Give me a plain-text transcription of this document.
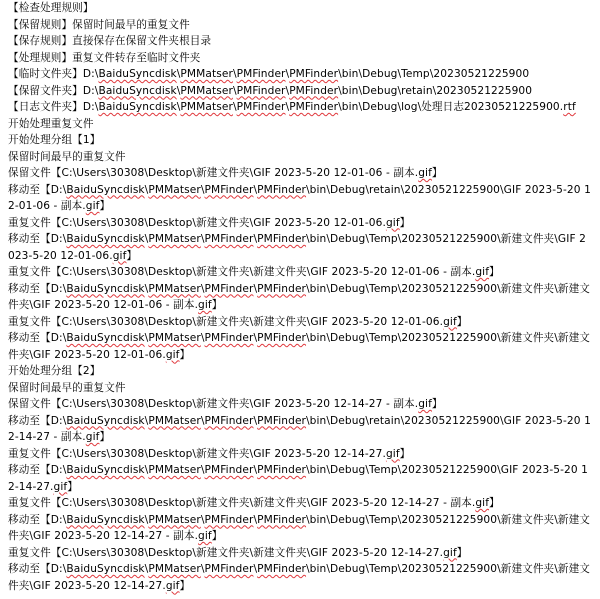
【检查处理规则】

【保留规则】保留时间最早的重复文件

【保存规则】直接保存在保留文件夹根目录

【处理规则】重复文件转存至临时文件夹

【临时文件夹】D:\BaiduSyncdisk\PMMatser\PMFinder\PMFinder\bin\Debug\Temp\20230521225900

【保留文件夹】D:\BaiduSyncdisk\PMMatser\PMFinder\PMFinder\bin\Debug\retain\20230521225900

【日志文件夹】D:\BaiduSyncdisk\PMMatser\PMFinder\PMFinder\bin\Debug\log\处理日志20230521225900.rtf

开始处理重复文件

开始处理分组【1】

保留时间最早的重复文件

保留文件【C:\Users\30308\Desktop\新建文件夹\GIF 2023-5-20 12-01-06 - 副本.gif】

移动至【D:\BaiduSyncdisk\PMMatser\PMFinder\PMFinder\bin\Debug\retain\20230521225900\GIF 2023-5-20 12-01-06 - 副本.gif】

重复文件【C:\Users\30308\Desktop\新建文件夹\GIF 2023-5-20 12-01-06.gif】

移动至【D:\BaiduSyncdisk\PMMatser\PMFinder\PMFinder\bin\Debug\Temp\20230521225900\新建文件夹\GIF 2023-5-20 12-01-06.gif】

重复文件【C:\Users\30308\Desktop\新建文件夹\新建文件夹\GIF 2023-5-20 12-01-06 - 副本.gif】

移动至【D:\BaiduSyncdisk\PMMatser\PMFinder\PMFinder\bin\Debug\Temp\20230521225900\新建文件夹\新建文件夹\GIF 2023-5-20 12-01-06 - 副本.gif】

重复文件【C:\Users\30308\Desktop\新建文件夹\新建文件夹\GIF 2023-5-20 12-01-06.gif】

移动至【D:\BaiduSyncdisk\PMMatser\PMFinder\PMFinder\bin\Debug\Temp\20230521225900\新建文件夹\新建文件夹\GIF 2023-5-20 12-01-06.gif】

开始处理分组【2】

保留时间最早的重复文件

保留文件【C:\Users\30308\Desktop\新建文件夹\GIF 2023-5-20 12-14-27 - 副本.gif】

移动至【D:\BaiduSyncdisk\PMMatser\PMFinder\PMFinder\bin\Debug\retain\20230521225900\GIF 2023-5-20 12-14-27 - 副本.gif】

重复文件【C:\Users\30308\Desktop\新建文件夹\GIF 2023-5-20 12-14-27.gif】

移动至【D:\BaiduSyncdisk\PMMatser\PMFinder\PMFinder\bin\Debug\Temp\20230521225900\GIF 2023-5-20 12-14-27.gif】

重复文件【C:\Users\30308\Desktop\新建文件夹\新建文件夹\GIF 2023-5-20 12-14-27 - 副本.gif】

移动至【D:\BaiduSyncdisk\PMMatser\PMFinder\PMFinder\bin\Debug\Temp\20230521225900\新建文件夹\新建文件夹\GIF 2023-5-20 12-14-27 - 副本.gif】

重复文件【C:\Users\30308\Desktop\新建文件夹\新建文件夹\GIF 2023-5-20 12-14-27.gif】

移动至【D:\BaiduSyncdisk\PMMatser\PMFinder\PMFinder\bin\Debug\Temp\20230521225900\新建文件夹\新建文件夹\GIF 2023-5-20 12-14-27.gif】
